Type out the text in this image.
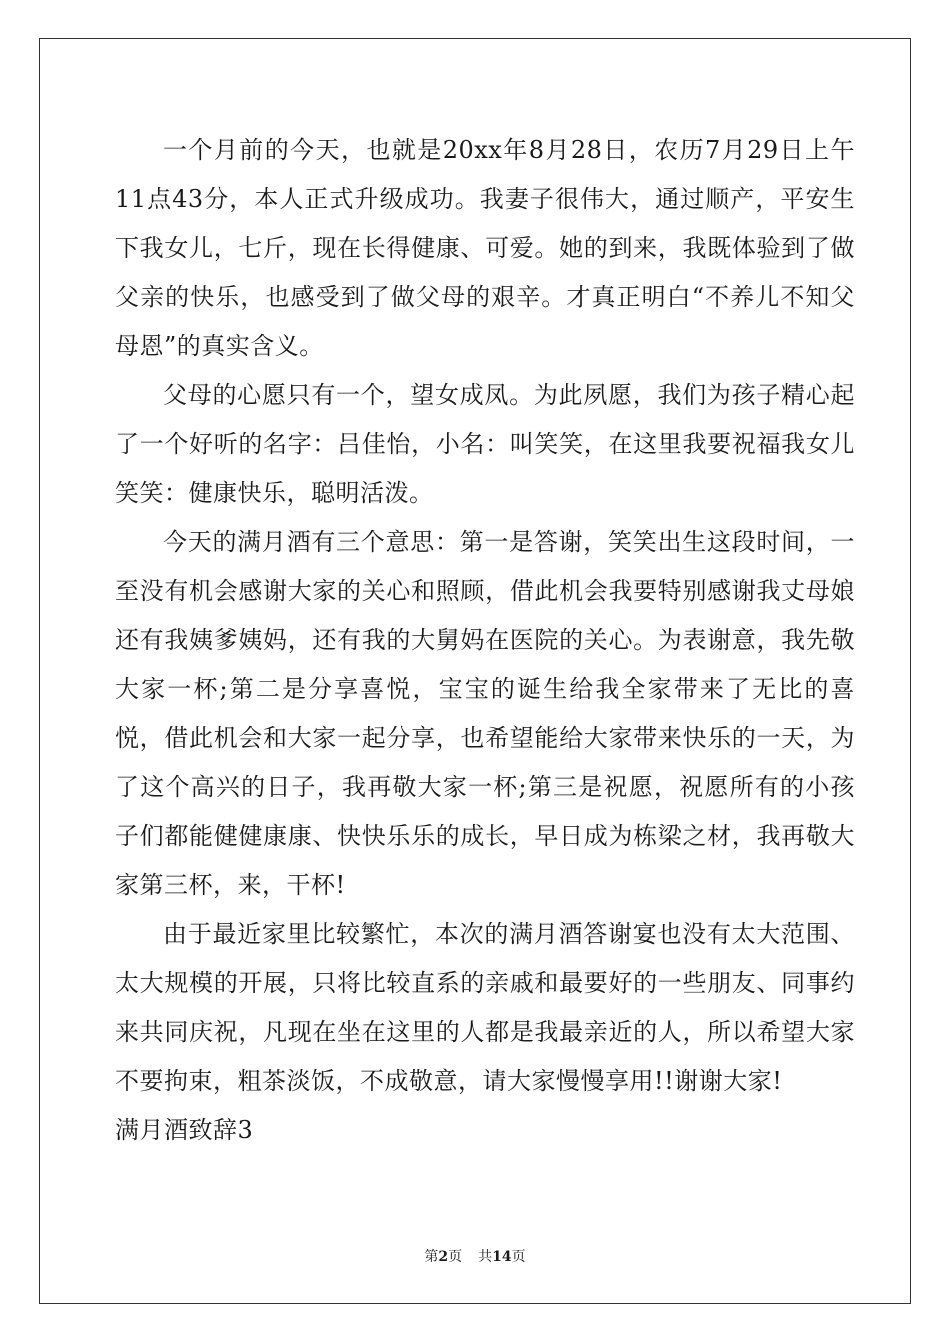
一个月前的今天，也就是20xx年8月28日，农历7月29日上午11点43分，本人正式升级成功。我妻子很伟大，通过顺产，平安生下我女儿，七斤，现在长得健康、可爱。她的到来，我既体验到了做父亲的快乐，也感受到了做父母的艰辛。才真正明白“不养儿不知父母恩”的真实含义。

父母的心愿只有一个，望女成凤。为此夙愿，我们为孩子精心起了一个好听的名字：吕佳怡，小名：叫笑笑，在这里我要祝福我女儿笑笑：健康快乐，聪明活泼。

今天的满月酒有三个意思：第一是答谢，笑笑出生这段时间，一至没有机会感谢大家的关心和照顾，借此机会我要特别感谢我丈母娘还有我姨爹姨妈，还有我的大舅妈在医院的关心。为表谢意，我先敬大家一杯;第二是分享喜悦，宝宝的诞生给我全家带来了无比的喜悦，借此机会和大家一起分享，也希望能给大家带来快乐的一天，为了这个高兴的日子，我再敬大家一杯;第三是祝愿，祝愿所有的小孩子们都能健健康康、快快乐乐的成长，早日成为栋梁之材，我再敬大家第三杯，来，干杯!

由于最近家里比较繁忙，本次的满月酒答谢宴也没有太大范围、太大规模的开展，只将比较直系的亲戚和最要好的一些朋友、同事约来共同庆祝，凡现在坐在这里的人都是我最亲近的人，所以希望大家不要拘束，粗茶淡饭，不成敬意，请大家慢慢享用!!谢谢大家!

满月酒致辞3

第2页 共14页
